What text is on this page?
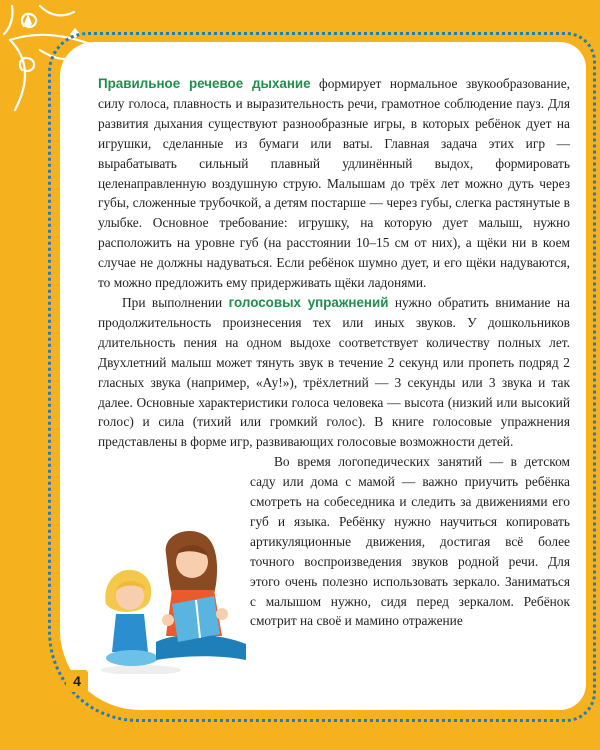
Правильное речевое дыхание формирует нормальное звукообразование, силу голоса, плавность и выразительность речи, грамотное соблюдение пауз. Для развития дыхания существуют разнообразные игры, в которых ребёнок дует на игрушки, сделанные из бумаги или ваты. Главная задача этих игр — вырабатывать сильный плавный удлинённый выдох, формировать целенаправленную воздушную струю. Малышам до трёх лет можно дуть через губы, сложенные трубочкой, а детям постарше — через губы, слегка растянутые в улыбке. Основное требование: игрушку, на которую дует малыш, нужно расположить на уровне губ (на расстоянии 10–15 см от них), а щёки ни в коем случае не должны надуваться. Если ребёнок шумно дует, и его щёки надуваются, то можно предложить ему придерживать щёки ладонями.

При выполнении голосовых упражнений нужно обратить внимание на продолжительность произнесения тех или иных звуков. У дошкольников длительность пения на одном выдохе соответствует количеству полных лет. Двухлетний малыш может тянуть звук в течение 2 секунд или пропеть подряд 2 гласных звука (например, «Ау!»), трёхлетний — 3 секунды или 3 звука и так далее. Основные характеристики голоса человека — высота (низкий или высокий голос) и сила (тихий или громкий голос). В книге голосовые упражнения представлены в форме игр, развивающих голосовые возможности детей.

Во время логопедических занятий — в детском саду или дома с мамой — важно приучить ребёнка смотреть на собеседника и следить за движениями его губ и языка. Ребёнку нужно научиться копировать артикуляционные движения, достигая всё более точного воспроизведения звуков родной речи. Для этого очень полезно использовать зеркало. Заниматься с малышом нужно, сидя перед зеркалом. Ребёнок смотрит на своё и мамино отражение

4
